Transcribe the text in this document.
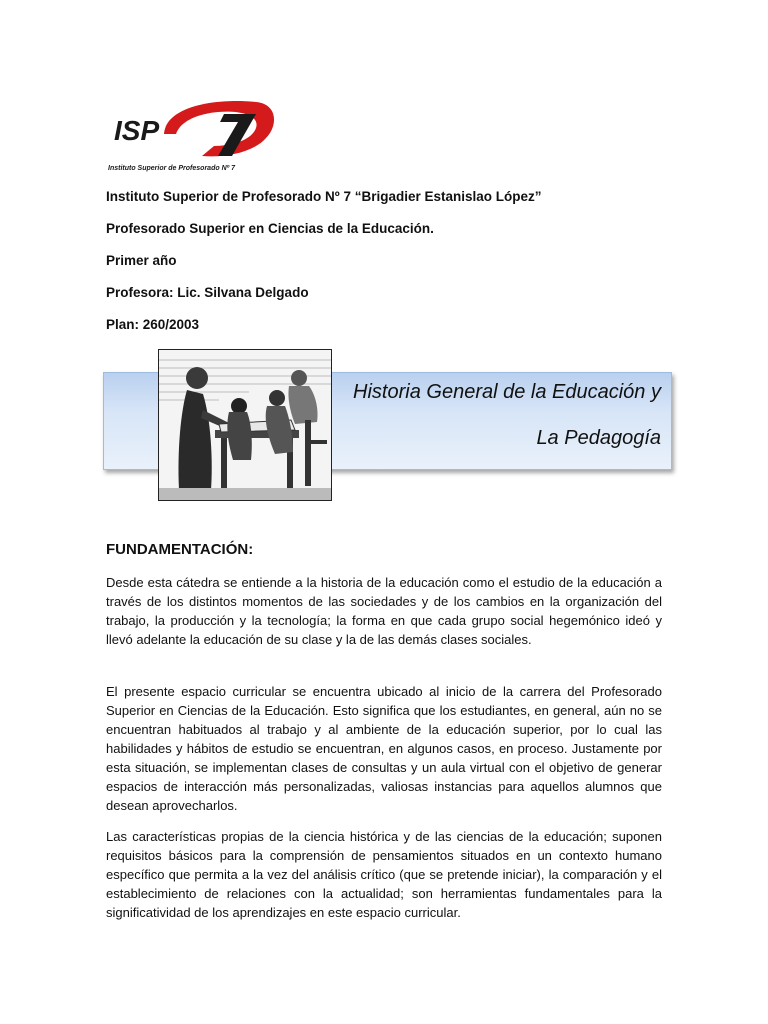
ISP nº7
Instituto Superior de Profesorado Nº 7
Instituto Superior de Profesorado Nº 7 “Brigadier Estanislao López”
Profesorado Superior en Ciencias de la Educación.
Primer año
Profesora: Lic. Silvana Delgado
Plan: 260/2003
Historia General de la Educación y
La Pedagogía
FUNDAMENTACIÓN:

Desde esta cátedra se entiende a la historia de la educación como el estudio de la educación a través de los distintos momentos de las sociedades y de los cambios en la organización del trabajo, la producción y la tecnología; la forma en que cada grupo social hegemónico ideó y llevó adelante la educación de su clase y la de las demás clases sociales.

El presente espacio curricular se encuentra ubicado al inicio de la carrera del Profesorado Superior en Ciencias de la Educación. Esto significa que los estudiantes, en general, aún no se encuentran habituados al trabajo y al ambiente de la educación superior, por lo cual las habilidades y hábitos de estudio se encuentran, en algunos casos, en proceso. Justamente por esta situación, se implementan clases de consultas y un aula virtual con el objetivo de generar espacios de interacción más personalizadas, valiosas instancias para aquellos alumnos que desean aprovecharlos.

Las características propias de la ciencia histórica y de las ciencias de la educación; suponen requisitos básicos para la comprensión de pensamientos situados en un contexto humano específico que permita a la vez del análisis crítico (que se pretende iniciar), la comparación y el establecimiento de relaciones con la actualidad; son herramientas fundamentales para la significatividad de los aprendizajes en este espacio curricular.
